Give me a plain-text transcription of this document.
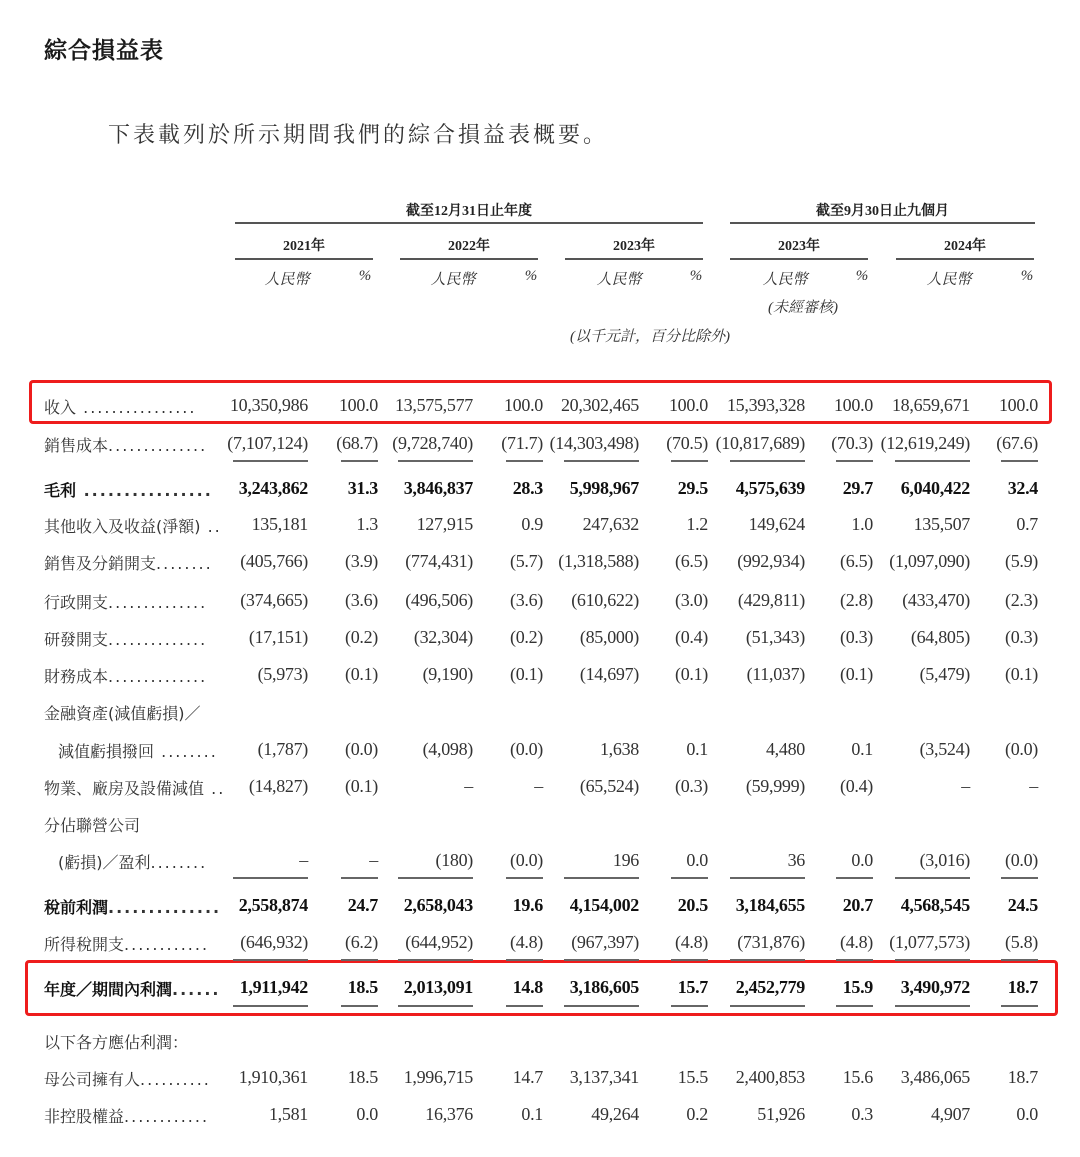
綜合損益表
下表載列於所示期間我們的綜合損益表概要。
截至12月31日止年度	截至9月30日止九個月
2021年	2022年	2023年	2023年	2024年
人民幣	%	人民幣	%	人民幣	%	人民幣	%
(未經審核)
人民幣	%
(以千元計，百分比除外)
收入 ................	10,350,986	100.0 13,575,577	100.0 20,302,465	100.0	15,393,328	100.0	18,659,671	100.0
銷售成本..............	(7,107,124) (68.7) (9,728,740) (71.7) (14,303,498) (70.5) (10,817,689) (70.3) (12,619,249) (67.6)
毛利 ................	3,243,862	31.3	3,846,837	28.3	5,998,967	29.5	4,575,639	29.7	6,040,422	32.4
其他收入及收益(淨額) ..	135,181	1.3	127,915	0.9	247,632	1.2	149,624	1.0	135,507	0.7
銷售及分銷開支........	(405,766)	(3.9)	(774,431)	(5.7) (1,318,588)	(6.5)	(992,934)	(6.5) (1,097,090)	(5.9)
行政開支..............	(374,665)	(3.6)	(496,506)	(3.6)	(610,622)	(3.0)	(429,811)	(2.8)	(433,470)	(2.3)
研發開支..............	(17,151)	(0.2)	(32,304)	(0.2)	(85,000)	(0.4)	(51,343)	(0.3)	(64,805)	(0.3)
財務成本..............	(5,973)	(0.1)	(9,190)	(0.1)	(14,697)	(0.1)	(11,037)	(0.1)	(5,479)	(0.1)
金融資產(減值虧損)／
減值虧損撥回 ........	(1,787)	(0.0)	(4,098)	(0.0)	1,638	0.1	4,480	0.1	(3,524)	(0.0)
物業、廠房及設備減值 ..	(14,827)	(0.1)	–	–	(65,524)	(0.3)	(59,999)	(0.4)	–	–
分佔聯營公司
(虧損)／盈利........	–	–	(180)	(0.0)	196	0.0	36	0.0	(3,016)	(0.0)
稅前利潤.............. 2,558,874	24.7	2,658,043	19.6	4,154,002	20.5	3,184,655	20.7	4,568,545	24.5
所得稅開支............	(646,932)	(6.2)	(644,952)	(4.8)	(967,397)	(4.8)	(731,876)	(4.8) (1,077,573)	(5.8)
年度／期間內利潤......	1,911,942	18.5	2,013,091	14.8	3,186,605	15.7	2,452,779	15.9	3,490,972	18.7
以下各方應佔利潤：
母公司擁有人..........	1,910,361	18.5	1,996,715	14.7	3,137,341	15.5	2,400,853	15.6	3,486,065	18.7
非控股權益............	1,581	0.0	16,376	0.1	49,264	0.2	51,926	0.3	4,907	0.0
